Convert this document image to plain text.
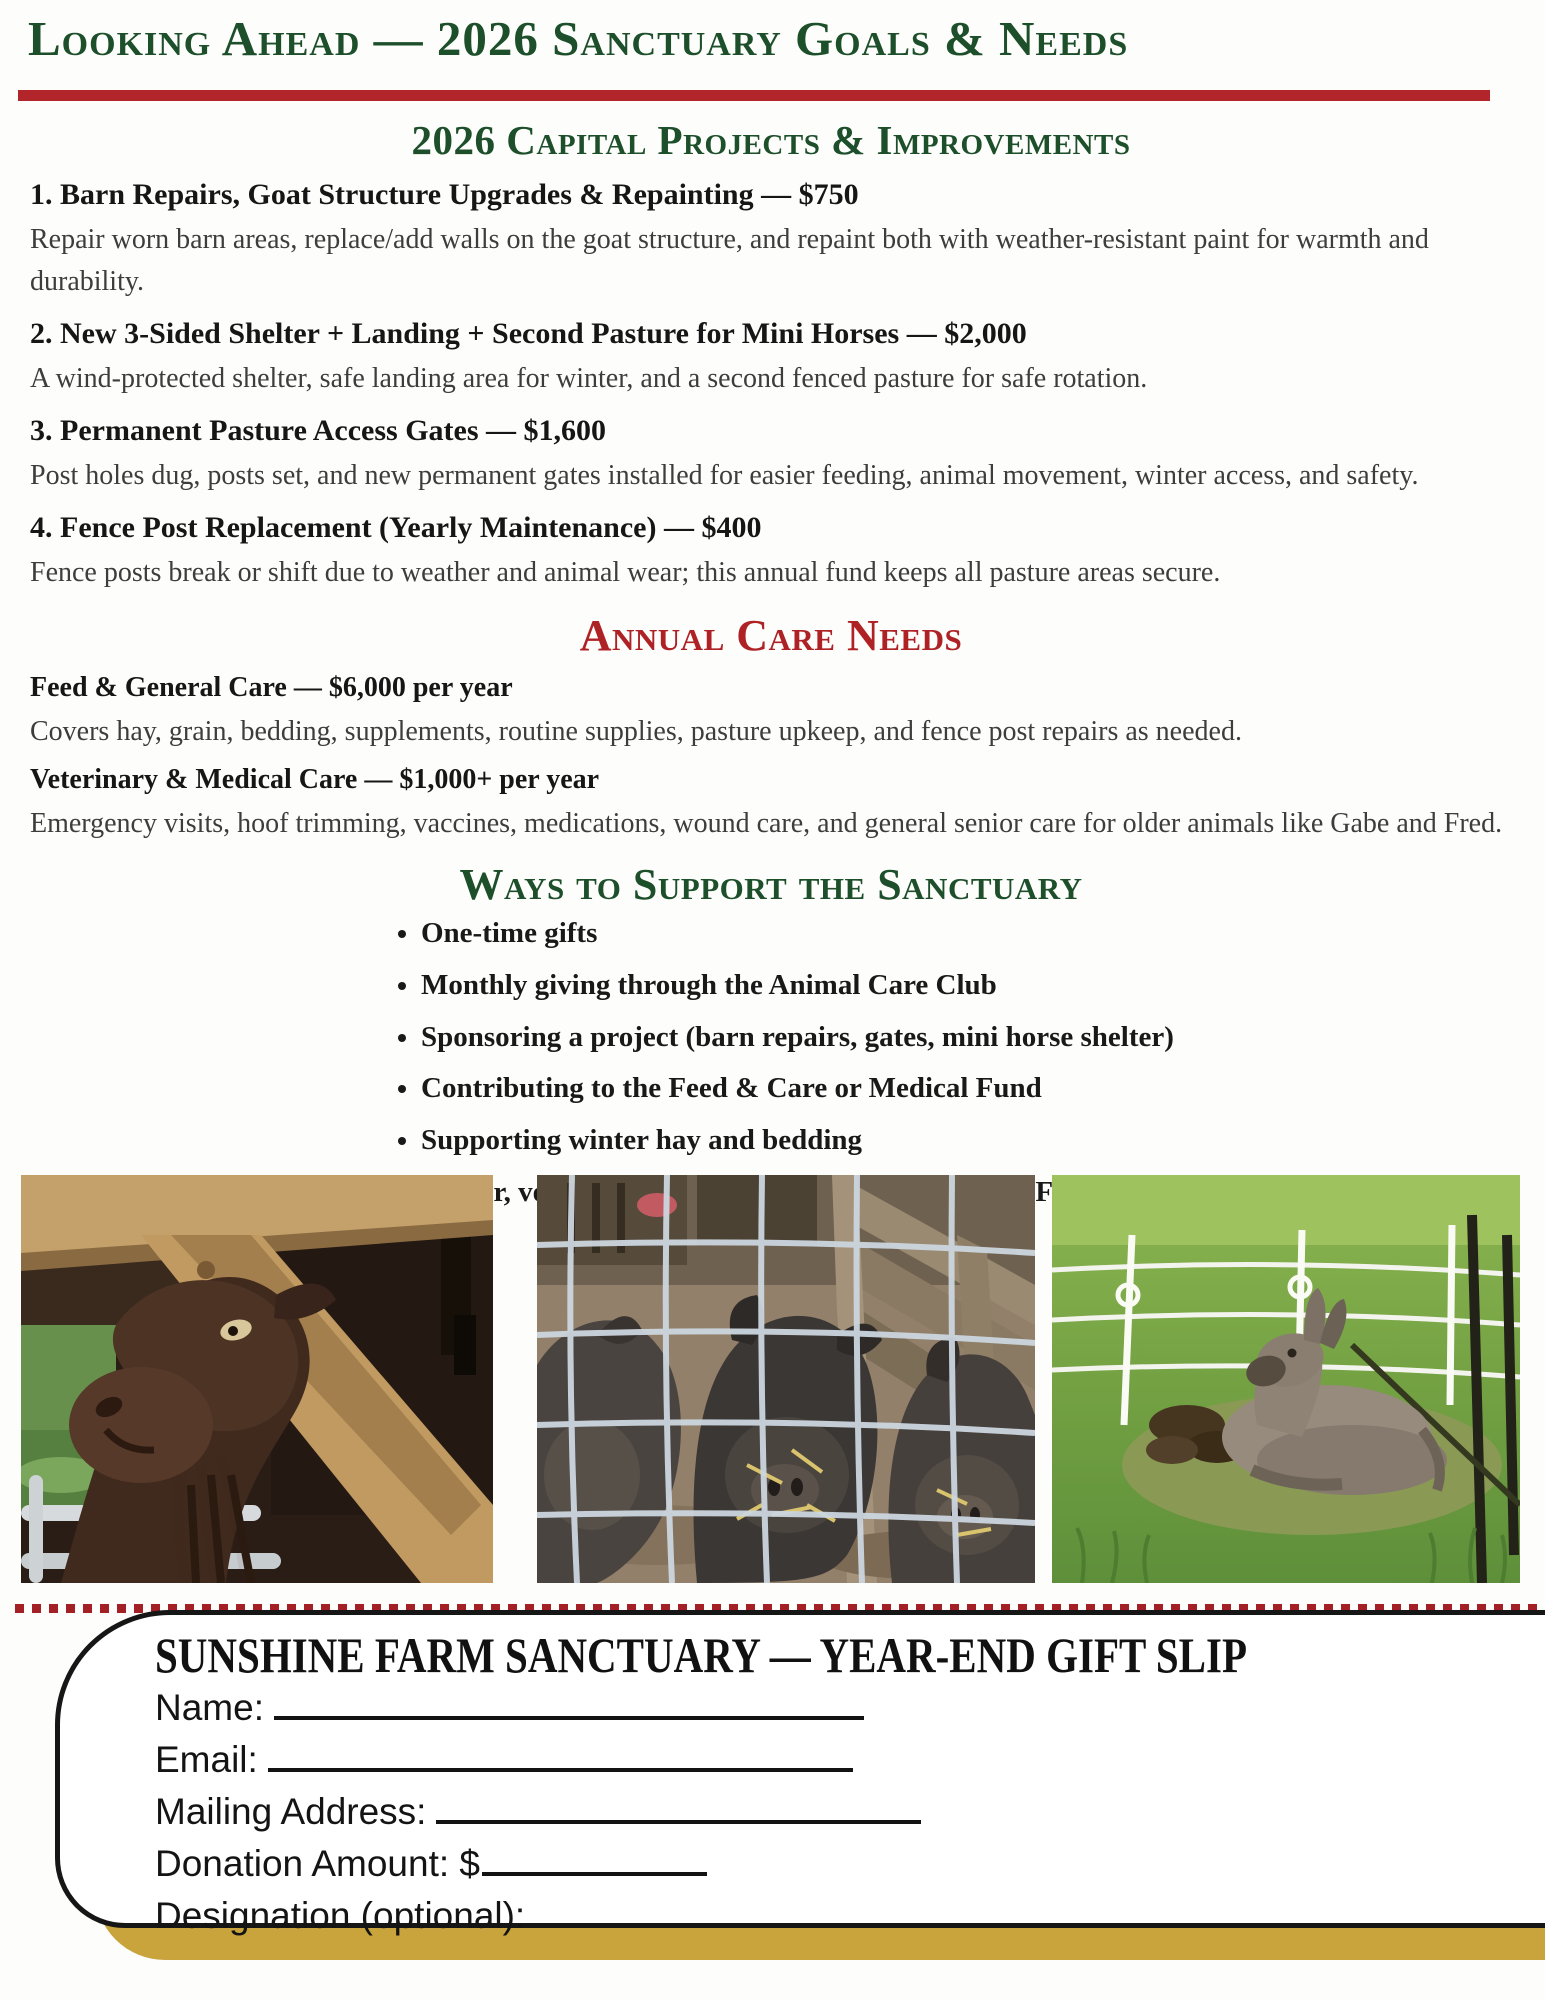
Looking Ahead — 2026 Sanctuary Goals & Needs
2026 Capital Projects & Improvements
1. Barn Repairs, Goat Structure Upgrades & Repainting — $750
Repair worn barn areas, replace/add walls on the goat structure, and repaint both with weather-resistant paint for warmth and durability.
2. New 3-Sided Shelter + Landing + Second Pasture for Mini Horses — $2,000
A wind-protected shelter, safe landing area for winter, and a second fenced pasture for safe rotation.
3. Permanent Pasture Access Gates — $1,600
Post holes dug, posts set, and new permanent gates installed for easier feeding, animal movement, winter access, and safety.
4. Fence Post Replacement (Yearly Maintenance) — $400
Fence posts break or shift due to weather and animal wear; this annual fund keeps all pasture areas secure.
Annual Care Needs
Feed & General Care — $6,000 per year
Covers hay, grain, bedding, supplements, routine supplies, pasture upkeep, and fence post repairs as needed.
Veterinary & Medical Care — $1,000+ per year
Emergency visits, hoof trimming, vaccines, medications, wound care, and general senior care for older animals like Gabe and Fred.
Ways to Support the Sanctuary
• One-time gifts
• Monthly giving through the Animal Care Club
• Sponsoring a project (barn repairs, gates, mini horse shelter)
• Contributing to the Feed & Care or Medical Fund
• Supporting winter hay and bedding
•
SUNSHINE FARM SANCTUARY — YEAR-END GIFT SLIP
Name:
Email:
Mailing Address:
Donation Amount: $
Designation (optional):
